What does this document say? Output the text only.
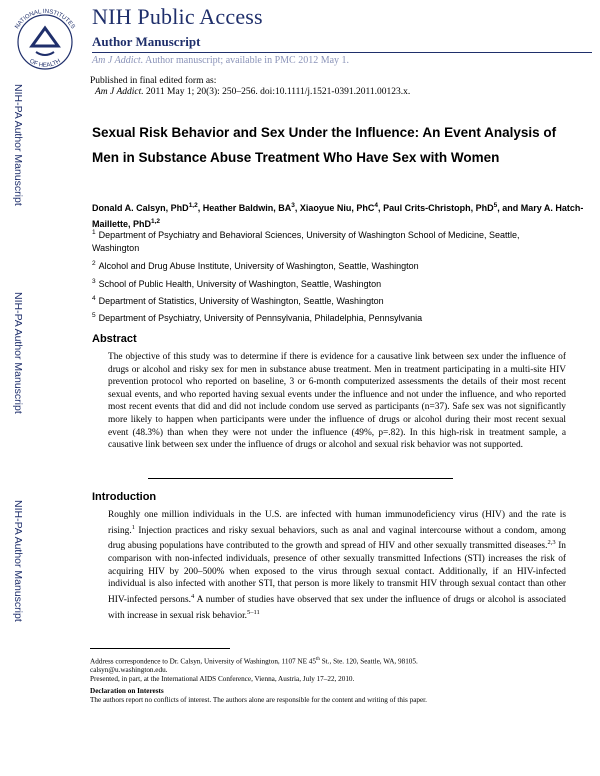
NATIONAL INSTITUTES
OF HEALTH
NIH Public Access
Author Manuscript
Am J Addict. Author manuscript; available in PMC 2012 May 1.
Published in final edited form as:
Am J Addict. 2011 May 1; 20(3): 250–256. doi:10.1111/j.1521-0391.2011.00123.x.
NIH-PA Author Manuscript
NIH-PA Author Manuscript
NIH-PA Author Manuscript
Sexual Risk Behavior and Sex Under the Influence: An Event Analysis of Men in Substance Abuse Treatment Who Have Sex with Women
Donald A. Calsyn, PhD$^{1,2}$, Heather Baldwin, $BA^3$, Xiaoyue Niu, PhC$^4$, Paul Crits-Christoph, PhD$^5$, and Mary A. Hatch-Maillette, PhD$^{1,2}$
$^1$ Department of Psychiatry and Behavioral Sciences, University of Washington School of Medicine, Seattle, Washington
$^2$ Alcohol and Drug Abuse Institute, University of Washington, Seattle, Washington
$^3$ School of Public Health, University of Washington, Seattle, Washington
$^4$ Department of Statistics, University of Washington, Seattle, Washington
$^5$ Department of Psychiatry, University of Pennsylvania, Philadelphia, Pennsylvania
Abstract
The objective of this study was to determine if there is evidence for a causative link between sex under the influence of drugs or alcohol and risky sex for men in substance abuse treatment. Men in treatment participating in a multi-site HIV prevention protocol who reported on baseline, 3 or 6-month computerized assessments the details of their most recent sexual events, and who reported having sexual events under the influence and not under the influence, and who reported most recent events that did and did not include condom use served as participants (n=37). Safe sex was not significantly more likely to happen when participants were under the influence of drugs or alcohol during their most recent sexual event (48.3%) than when they were not under the influence (49%, p=.82). In this high-risk in treatment sample, a causative link between sex under the influence of drugs or alcohol and sexual risk behavior was not supported.
Introduction
Roughly one million individuals in the U.S. are infected with human immunodeficiency virus (HIV) and the rate is rising.$^1$ Injection practices and risky sexual behaviors, such as anal and vaginal intercourse without a condom, among drug abusing populations have contributed to the growth and spread of HIV and other sexually transmitted diseases.$^{2,3}$ In comparison with non-infected individuals, presence of other sexually transmitted Infections (STI) increases the risk of acquiring HIV by 200–500% when exposed to the virus through sexual contact. Additionally, if an HIV-infected individual is also infected with another STI, that person is more likely to transmit HIV through sexual contact than other HIV-infected persons.$^4$ A number of studies have observed that sex under the influence of drugs or alcohol is associated with increase in sexual risk behavior.$^{5-11}$
Address correspondence to Dr. Calsyn, University of Washington, 1107 NE 45th St., Ste. 120, Seattle, WA, 98105.
calsyn@u.washington.edu.
Presented, in part, at the International AIDS Conference, Vienna, Austria, July 17–22, 2010.
Declaration on Interests
The authors report no conflicts of interest. The authors alone are responsible for the content and writing of this paper.
